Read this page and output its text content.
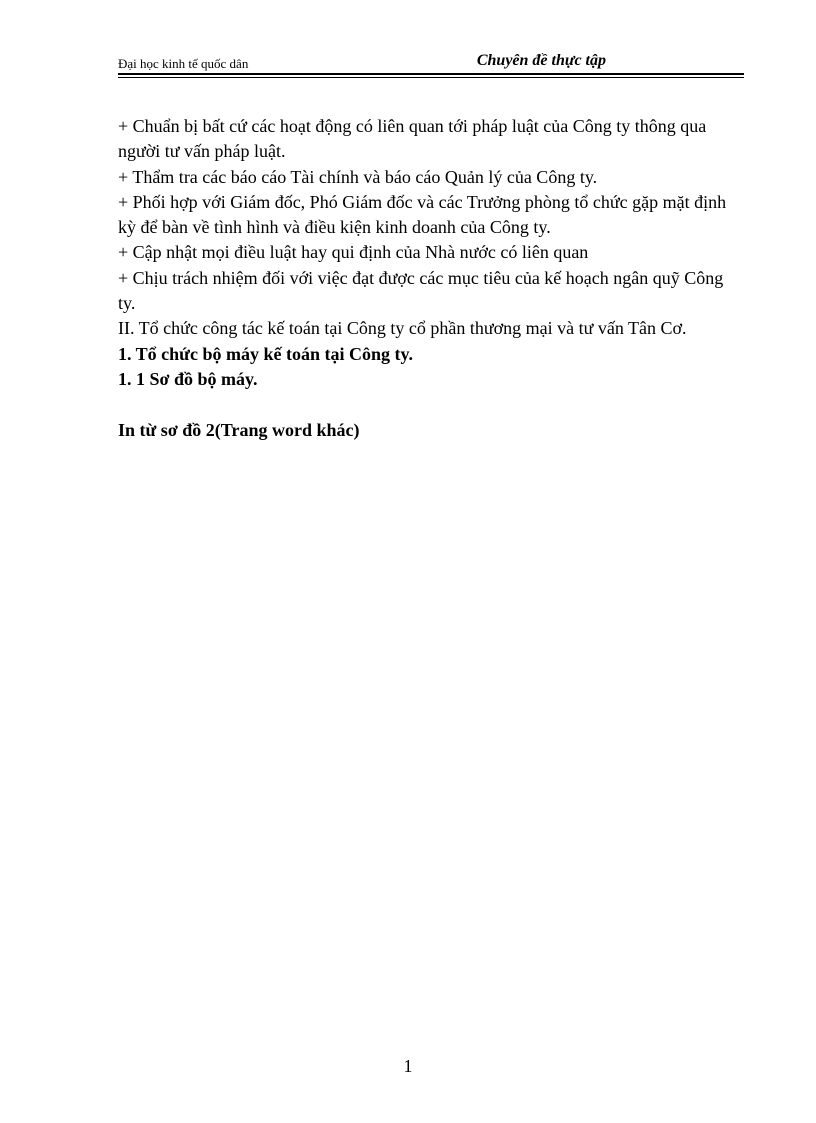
Đại học kinh tế quốc dân	Chuyên đề thực tập

+ Chuẩn bị bất cứ các hoạt động có liên quan tới pháp luật của Công ty thông qua người tư vấn pháp luật.

+ Thẩm tra các báo cáo Tài chính và báo cáo Quản lý của Công ty.

+ Phối hợp với Giám đốc, Phó Giám đốc và các Trưởng phòng tổ chức gặp mặt định kỳ để bàn về tình hình và điều kiện kinh doanh của Công ty.

+ Cập nhật mọi điều luật hay qui định của Nhà nước có liên quan

+ Chịu trách nhiệm đối với việc đạt được các mục tiêu của kế hoạch ngân quỹ Công ty.

II. Tổ chức công tác kế toán tại Công ty cổ phần thương mại và tư vấn Tân Cơ.

1. Tổ chức bộ máy kế toán tại Công ty.

1. 1 Sơ đồ bộ máy.

In từ sơ đồ 2(Trang word khác)

1
